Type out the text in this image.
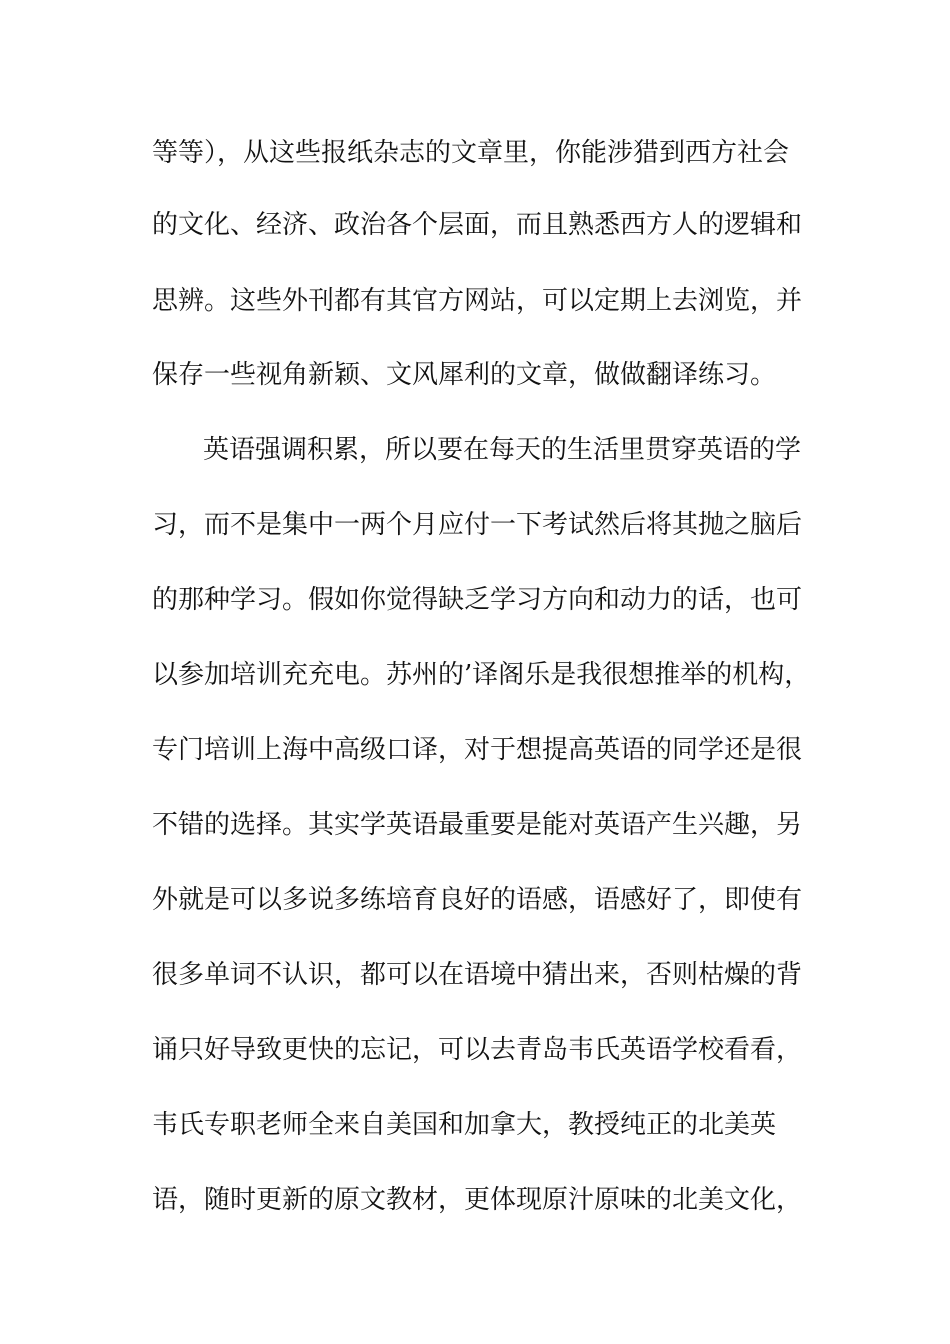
等等），从这些报纸杂志的文章里，你能涉猎到西方社会
的文化、经济、政治各个层面，而且熟悉西方人的逻辑和
思辨。这些外刊都有其官方网站，可以定期上去浏览，并
保存一些视角新颖、文风犀利的文章，做做翻译练习。
英语强调积累，所以要在每天的生活里贯穿英语的学
习，而不是集中一两个月应付一下考试然后将其抛之脑后
的那种学习。假如你觉得缺乏学习方向和动力的话，也可
以参加培训充充电。苏州的’译阁乐是我很想推举的机构，
专门培训上海中高级口译，对于想提高英语的同学还是很
不错的选择。其实学英语最重要是能对英语产生兴趣，另
外就是可以多说多练培育良好的语感，语感好了，即使有
很多单词不认识，都可以在语境中猜出来，否则枯燥的背
诵只好导致更快的忘记，可以去青岛韦氏英语学校看看，
韦氏专职老师全来自美国和加拿大，教授纯正的北美英
语，随时更新的原文教材，更体现原汁原味的北美文化，
